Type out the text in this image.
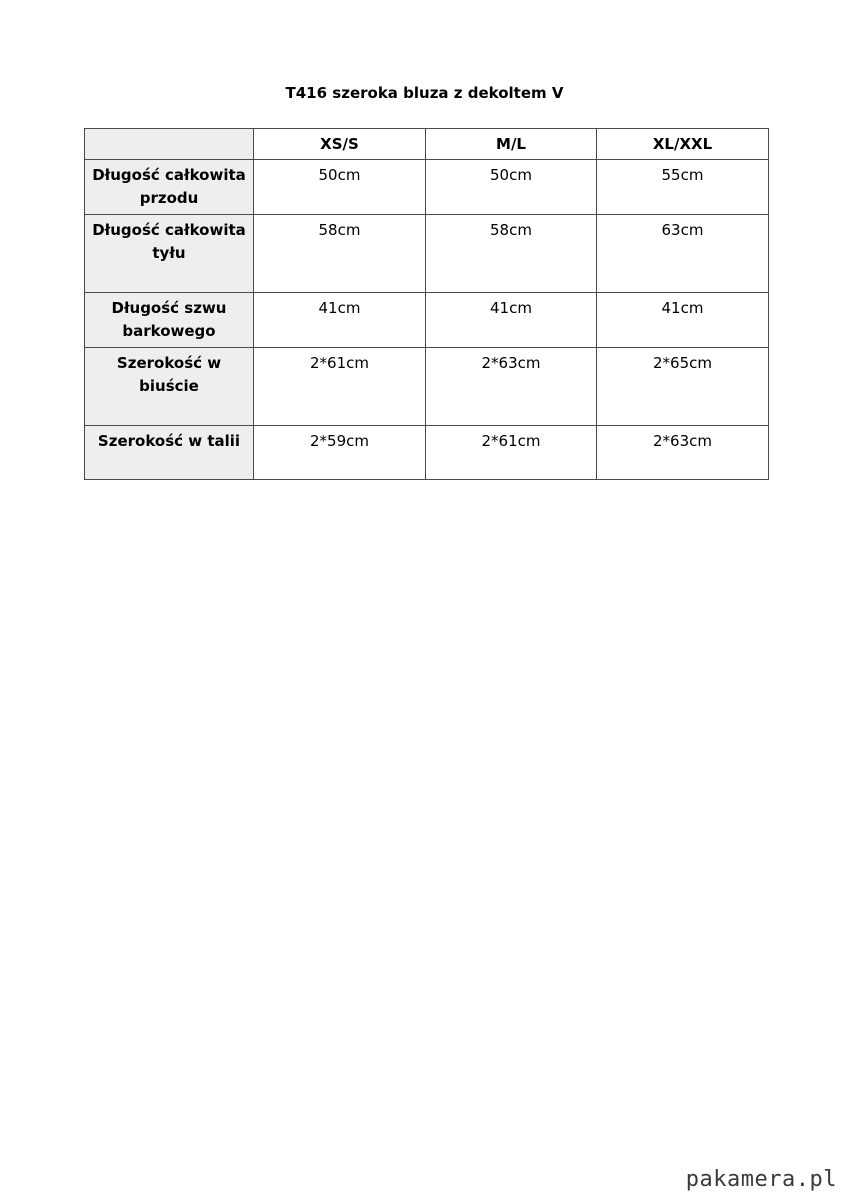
T416 szeroka bluza z dekoltem V
	XS/S	M/L	XL/XXL
Długość całkowita przodu	50cm	50cm	55cm
Długość całkowita tyłu	58cm	58cm	63cm
Długość szwu barkowego	41cm	41cm	41cm
Szerokość w biuście	2*61cm	2*63cm	2*65cm
Szerokość w talii	2*59cm	2*61cm	2*63cm
pakamera.pl
